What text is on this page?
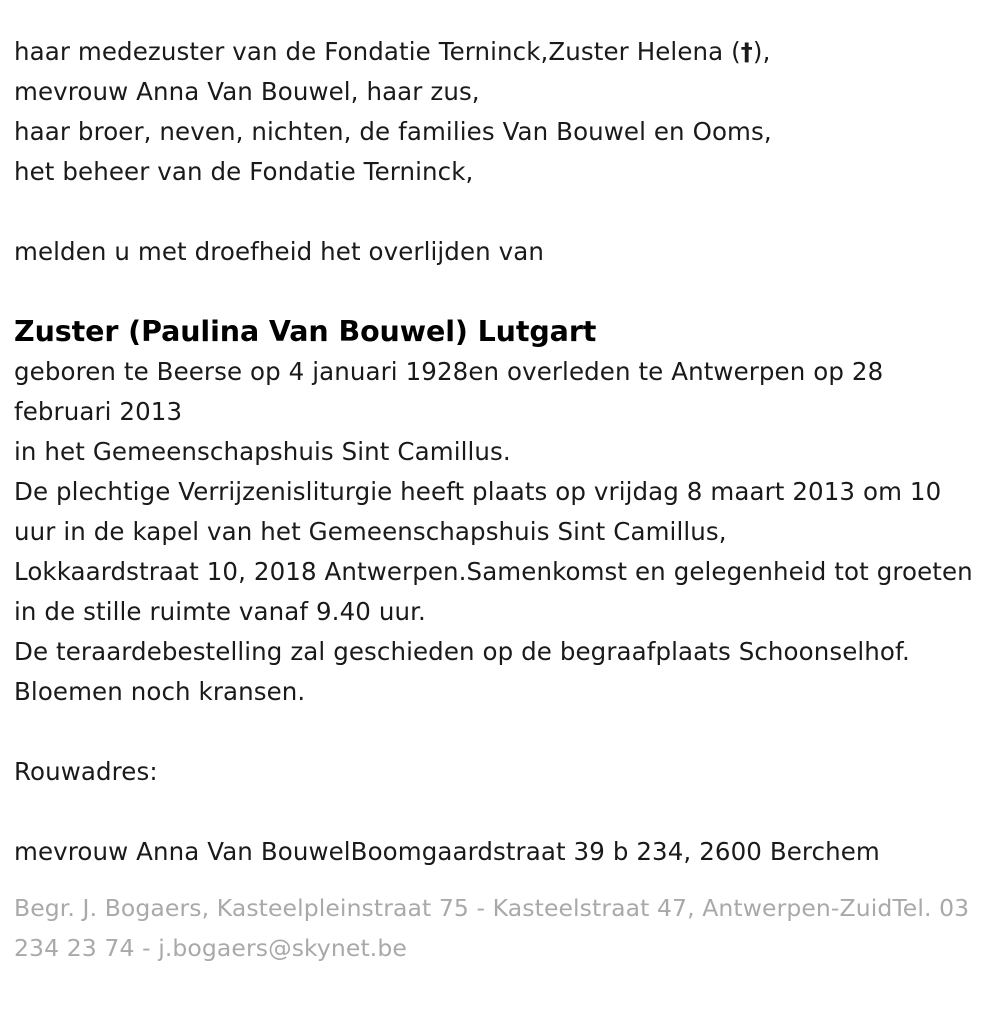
haar medezuster van de Fondatie Terninck,Zuster Helena (†),
mevrouw Anna Van Bouwel, haar zus,
haar broer, neven, nichten, de families Van Bouwel en Ooms,
het beheer van de Fondatie Terninck,
melden u met droefheid het overlijden van
Zuster (Paulina Van Bouwel) Lutgart
geboren te Beerse op 4 januari 1928en overleden te Antwerpen op 28 februari 2013
in het Gemeenschapshuis Sint Camillus.
De plechtige Verrijzenisliturgie heeft plaats op vrijdag 8 maart 2013 om 10 uur in de kapel van het Gemeenschapshuis Sint Camillus,
Lokkaardstraat 10, 2018 Antwerpen.Samenkomst en gelegenheid tot groeten in de stille ruimte vanaf 9.40 uur.
De teraardebestelling zal geschieden op de begraafplaats Schoonselhof.
Bloemen noch kransen.
Rouwadres:
mevrouw Anna Van BouwelBoomgaardstraat 39 b 234, 2600 Berchem
Begr. J. Bogaers, Kasteelpleinstraat 75 - Kasteelstraat 47, Antwerpen-ZuidTel. 03 234 23 74 - j.bogaers@skynet.be
